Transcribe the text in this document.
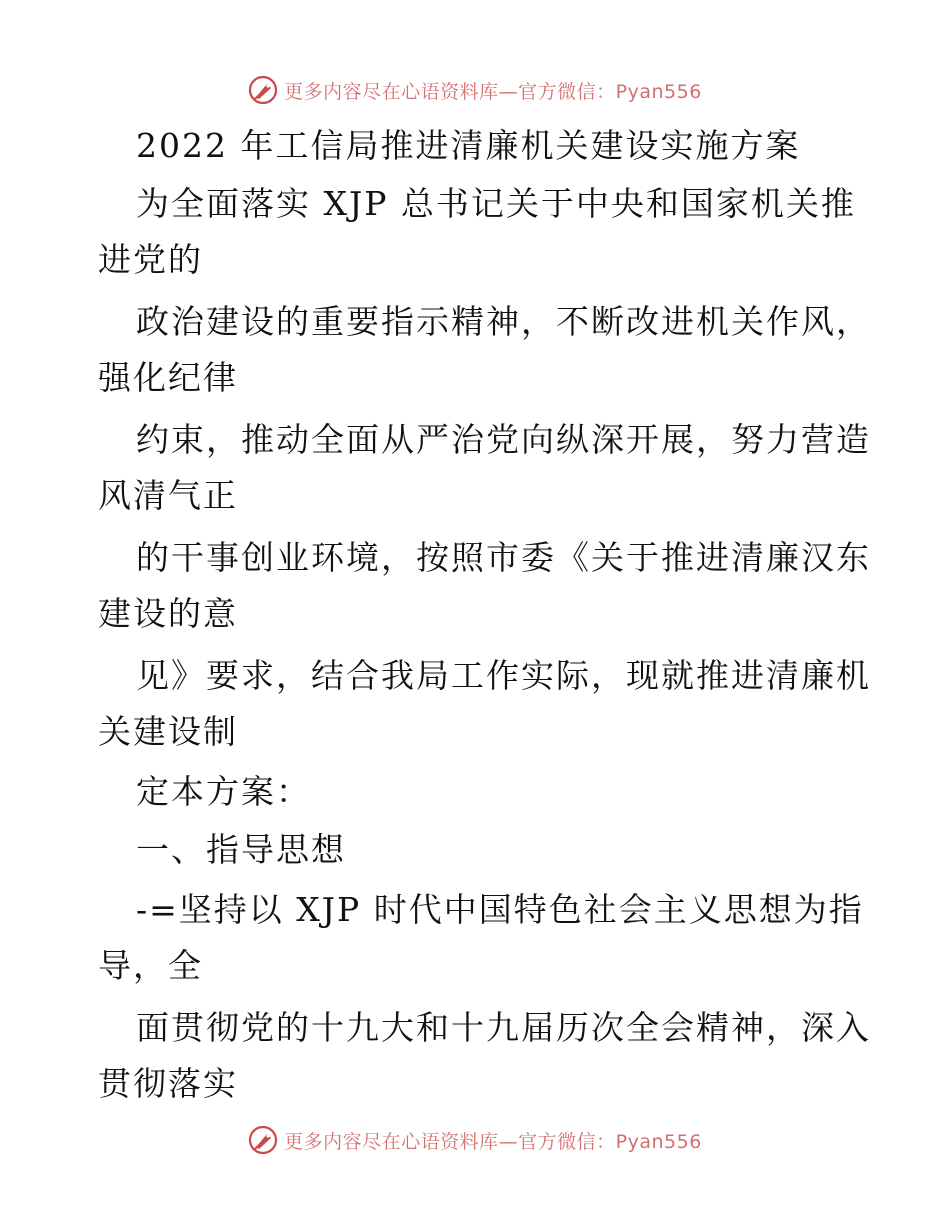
更多内容尽在心语资料库—官方微信：Pyan556
2022 年工信局推进清廉机关建设实施方案
为全面落实 XJP 总书记关于中央和国家机关推
进党的
政治建设的重要指示精神，不断改进机关作风，
强化纪律
约束，推动全面从严治党向纵深开展，努力营造
风清气正
的干事创业环境，按照市委《关于推进清廉汉东
建设的意
见》要求，结合我局工作实际，现就推进清廉机
关建设制
定本方案：
一、指导思想
-=坚持以 XJP 时代中国特色社会主义思想为指
导，全
面贯彻党的十九大和十九届历次全会精神，深入
贯彻落实
更多内容尽在心语资料库—官方微信：Pyan556
